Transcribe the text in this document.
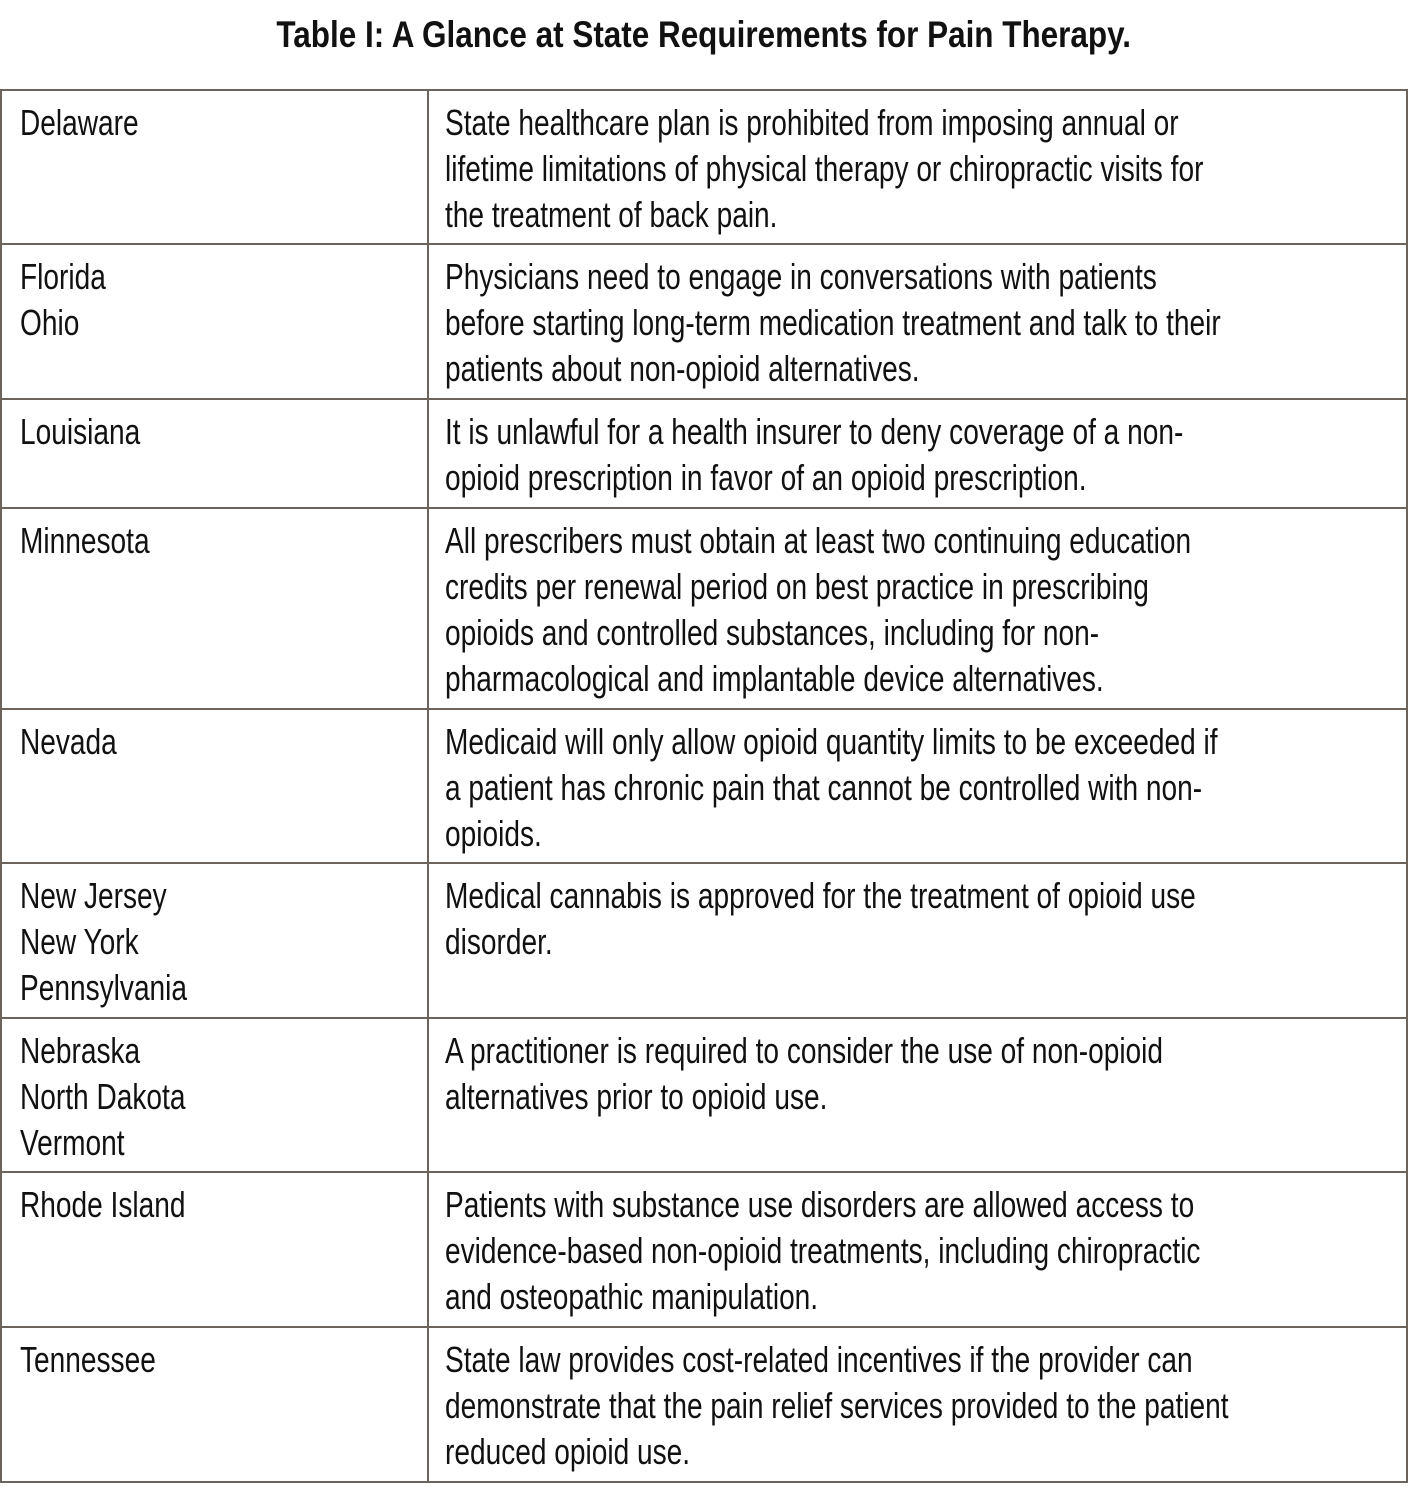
Table I: A Glance at State Requirements for Pain Therapy.
Delaware	State healthcare plan is prohibited from imposing annual or
lifetime limitations of physical therapy or chiropractic visits for
the treatment of back pain.

Florida
Ohio	Physicians need to engage in conversations with patients
before starting long-term medication treatment and talk to their
patients about non-opioid alternatives.

Louisiana	It is unlawful for a health insurer to deny coverage of a non-
opioid prescription in favor of an opioid prescription.

Minnesota	All prescribers must obtain at least two continuing education
credits per renewal period on best practice in prescribing
opioids and controlled substances, including for non-
pharmacological and implantable device alternatives.

Nevada	Medicaid will only allow opioid quantity limits to be exceeded if
a patient has chronic pain that cannot be controlled with non-
opioids.

New Jersey
New York
Pennsylvania	Medical cannabis is approved for the treatment of opioid use
disorder.

Nebraska
North Dakota
Vermont	A practitioner is required to consider the use of non-opioid
alternatives prior to opioid use.

Rhode Island	Patients with substance use disorders are allowed access to
evidence-based non-opioid treatments, including chiropractic
and osteopathic manipulation.

Tennessee	State law provides cost-related incentives if the provider can
demonstrate that the pain relief services provided to the patient
reduced opioid use.
